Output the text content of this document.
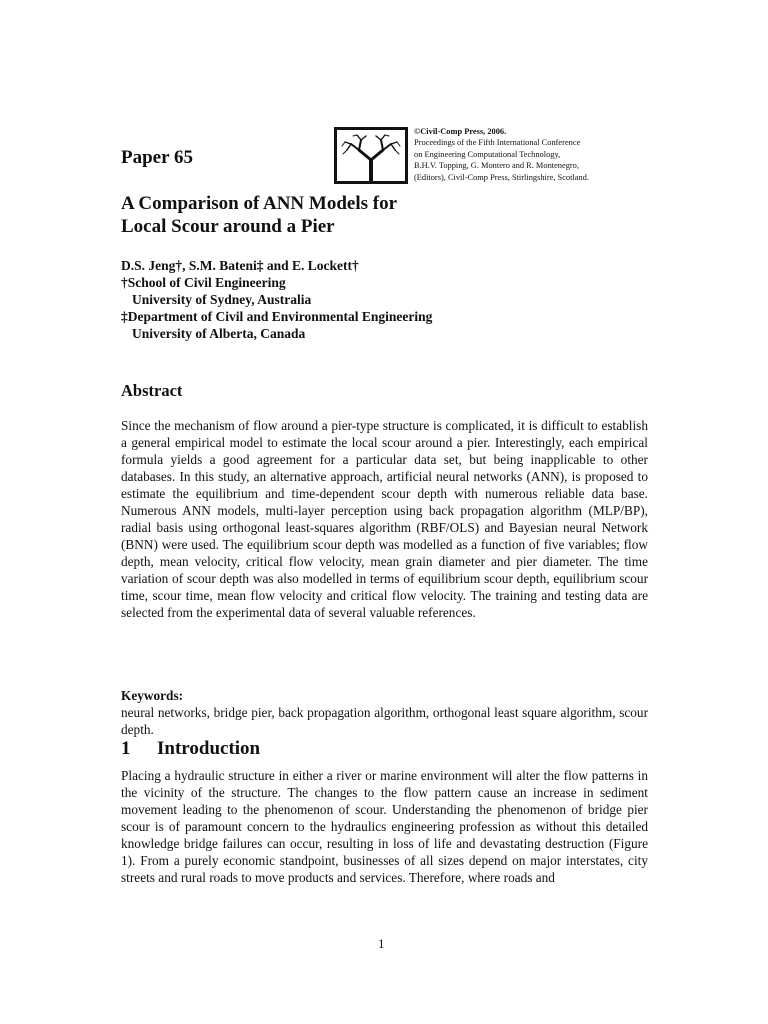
Paper 65
©Civil-Comp Press, 2006.
Proceedings of the Fifth International Conference
on Engineering Computational Technology,
B.H.V. Topping, G. Montero and R. Montenegro,
(Editors), Civil-Comp Press, Stirlingshire, Scotland.
A Comparison of ANN Models for
Local Scour around a Pier
D.S. Jeng†, S.M. Bateni‡ and E. Lockett†
†School of Civil Engineering
University of Sydney, Australia
‡Department of Civil and Environmental Engineering
University of Alberta, Canada
Abstract
Since the mechanism of flow around a pier-type structure is complicated, it is difficult to establish a general empirical model to estimate the local scour around a pier. Interestingly, each empirical formula yields a good agreement for a particular data set, but being inapplicable to other databases. In this study, an alternative approach, artificial neural networks (ANN), is proposed to estimate the equilibrium and time-dependent scour depth with numerous reliable data base. Numerous ANN models, multi-layer perception using back propagation algorithm (MLP/BP), radial basis using orthogonal least-squares algorithm (RBF/OLS) and Bayesian neural Network (BNN) were used. The equilibrium scour depth was modelled as a function of five variables; flow depth, mean velocity, critical flow velocity, mean grain diameter and pier diameter. The time variation of scour depth was also modelled in terms of equilibrium scour depth, equilibrium scour time, scour time, mean flow velocity and critical flow velocity. The training and testing data are selected from the experimental data of several valuable references.

Keywords:
neural networks, bridge pier, back propagation algorithm, orthogonal least square algorithm, scour depth.

1 Introduction
Placing a hydraulic structure in either a river or marine environment will alter the flow patterns in the vicinity of the structure. The changes to the flow pattern cause an increase in sediment movement leading to the phenomenon of scour. Understanding the phenomenon of bridge pier scour is of paramount concern to the hydraulics engineering profession as without this detailed knowledge bridge failures can occur, resulting in loss of life and devastating destruction (Figure 1). From a purely economic standpoint, businesses of all sizes depend on major interstates, city streets and rural roads to move products and services. Therefore, where roads and
1
